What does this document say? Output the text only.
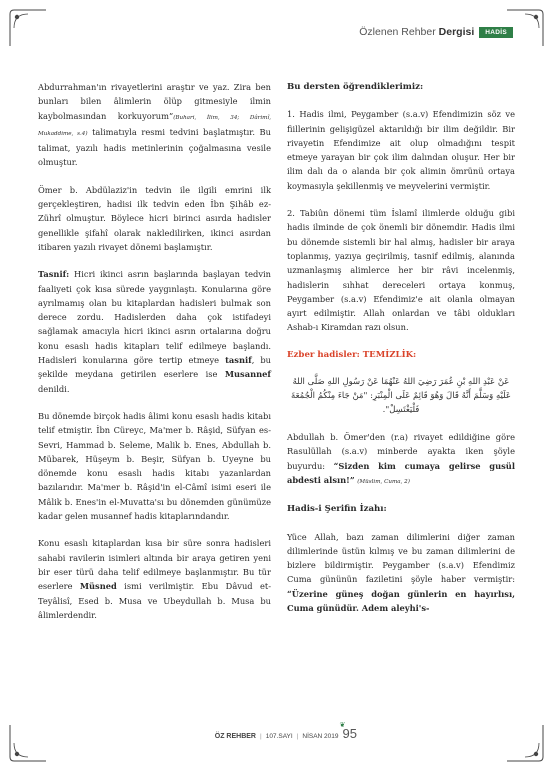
Özlenen Rehber Dergisi	HADİS

Abdurrahman'ın rivayetlerini araştır ve yaz. Zira ben bunları bilen âlimlerin ölüp gitmesiyle ilmin kaybolmasından korkuyorum”(Buhari, İlim, 34; Dârimî, Mukaddime, s.4) talimatıyla resmi tedvini başlatmıştır. Bu talimat, yazılı hadis metinlerinin çoğalmasına vesile olmuştur.

Ömer b. Abdülaziz'in tedvin ile ilgili emrini ilk gerçekleştiren, hadisi ilk tedvin eden İbn Şihâb ez-Zührî olmuştur. Böylece hicri birinci asırda hadisler genellikle şifahî olarak nakledilirken, ikinci asırdan itibaren yazılı rivayet dönemi başlamıştır.

Tasnif: Hicri ikinci asrın başlarında başlayan tedvin faaliyeti çok kısa sürede yaygınlaştı. Konularına göre ayrılmamış olan bu kitaplardan hadisleri bulmak son derece zordu. Hadislerden daha çok istifadeyi sağlamak amacıyla hicri ikinci asrın ortalarına doğru konu esaslı hadis kitapları telif edilmeye başlandı. Hadisleri konularına göre tertip etmeye tasnif, bu şekilde meydana getirilen eserlere ise Musannef denildi.

Bu dönemde birçok hadis âlimi konu esaslı hadis kitabı telif etmiştir. İbn Cüreyc, Ma'mer b. Râşid, Süfyan es-Sevri, Hammad b. Seleme, Malik b. Enes, Abdullah b. Mübarek, Hüşeym b. Beşir, Süfyan b. Uyeyne bu dönemde konu esaslı hadis kitabı yazanlardan bazılarıdır. Ma'mer b. Râşid'in el-Câmî isimi eseri ile Mâlik b. Enes'in el-Muvatta'sı bu dönemden günümüze kadar gelen musannef hadis kitaplarındandır.

Konu esaslı kitaplardan kısa bir süre sonra hadisleri sahabi ravilerin isimleri altında bir araya getiren yeni bir eser türü daha telif edilmeye başlanmıştır. Bu tür eserlere Müsned ismi verilmiştir. Ebu Dâvud et-Teyâlisî, Esed b. Musa ve Ubeydullah b. Musa bu âlimlerdendir.

Bu dersten öğrendiklerimiz:

1. Hadis ilmi, Peygamber (s.a.v) Efendimizin söz ve fiillerinin gelişigüzel aktarıldığı bir ilim değildir. Bir rivayetin Efendimize ait olup olmadığını tespit etmeye yarayan bir çok ilim dalından oluşur. Her bir ilim dalı da o alanda bir çok alimin ömrünü ortaya koymasıyla şekillenmiş ve meyvelerini vermiştir.

2. Tabiûn dönemi tüm İslamî ilimlerde olduğu gibi hadis ilminde de çok önemli bir dönemdir. Hadis ilmi bu dönemde sistemli bir hal almış, hadisler bir araya toplanmış, yazıya geçirilmiş, tasnif edilmiş, alanında uzmanlaşmış alimlerce her bir râvi incelenmiş, hadislerin sıhhat dereceleri ortaya konmuş, Peygamber (s.a.v) Efendimiz'e ait olanla olmayan ayırt edilmiştir. Allah onlardan ve tâbi oldukları Ashab-ı Kiramdan razı olsun.

Ezber hadisler: TEMİZLİK:

عَنْ عَبْدِ اللهِ بْنِ عُمَرَ رَضِيَ اللهُ عَنْهُمَا عَنْ رَسُولِ اللهِ صَلَّى اللهُ عَلَيْهِ وَسَلَّمَ أَنَّهُ قَالَ وَهُوَ قَائِمٌ عَلَى الْمِنْبَرِ: "مَنْ جَاءَ مِنْكُمُ الْجُمُعَةَ فَلْيَغْتَسِلْ".

Abdullah b. Ömer'den (r.a) rivayet edildiğine göre Rasulüllah (s.a.v) minberde ayakta iken şöyle buyurdu: “Sizden kim cumaya gelirse gusül abdesti alsın!” (Müslim, Cuma, 2)

Hadis-i Şerifin İzahı:

Yüce Allah, bazı zaman dilimlerini diğer zaman dilimlerinde üstün kılmış ve bu zaman dilimlerini de bizlere bildirmiştir. Peygamber (s.a.v) Efendimiz Cuma gününün faziletini şöyle haber vermiştir: “Üzerine güneş doğan günlerin en hayırlısı, Cuma günüdür. Adem aleyhi's-

ÖZ REHBER | 107.SAYI | NİSAN 2019
❦
95
